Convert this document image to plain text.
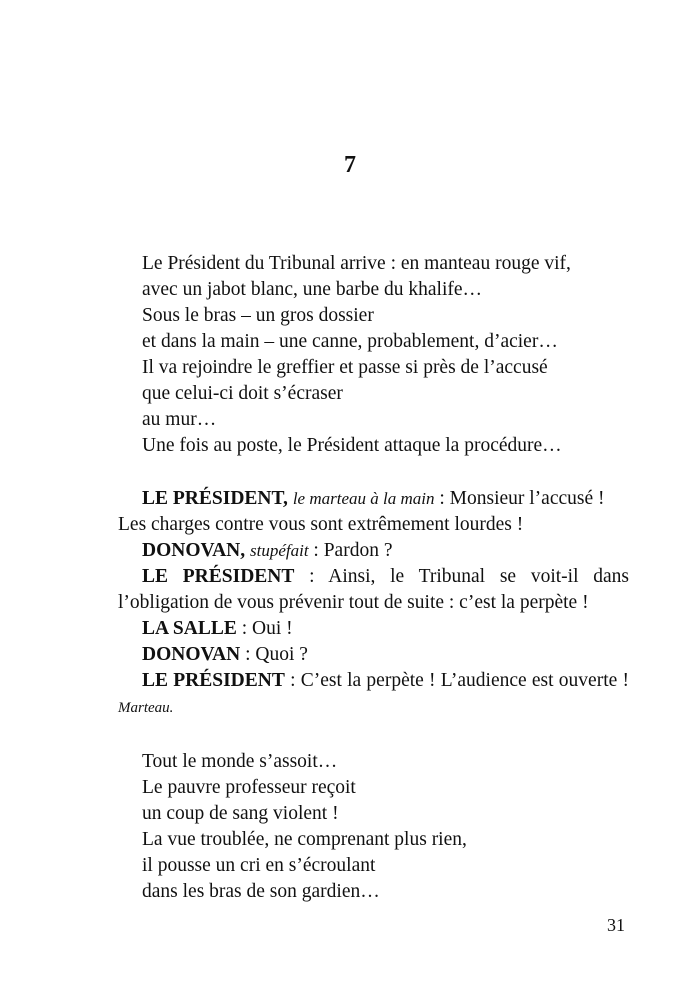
7
Le Président du Tribunal arrive : en manteau rouge vif,
avec un jabot blanc, une barbe du khalife…
Sous le bras – un gros dossier
et dans la main – une canne, probablement, d’acier…
Il va rejoindre le greffier et passe si près de l’accusé
que celui-ci doit s’écraser
au mur…
Une fois au poste, le Président attaque la procédure…
LE PRÉSIDENT, le marteau à la main : Monsieur l’accusé !
Les charges contre vous sont extrêmement lourdes !
DONOVAN, stupéfait : Pardon ?
LE PRÉSIDENT : Ainsi, le Tribunal se voit-il dans l’obligation de vous prévenir tout de suite : c’est la perpète !
LA SALLE : Oui !
DONOVAN : Quoi ?
LE PRÉSIDENT : C’est la perpète ! L’audience est ouverte ! Marteau.
Tout le monde s’assoit…
Le pauvre professeur reçoit
un coup de sang violent !
La vue troublée, ne comprenant plus rien,
il pousse un cri en s’écroulant
dans les bras de son gardien…
31
